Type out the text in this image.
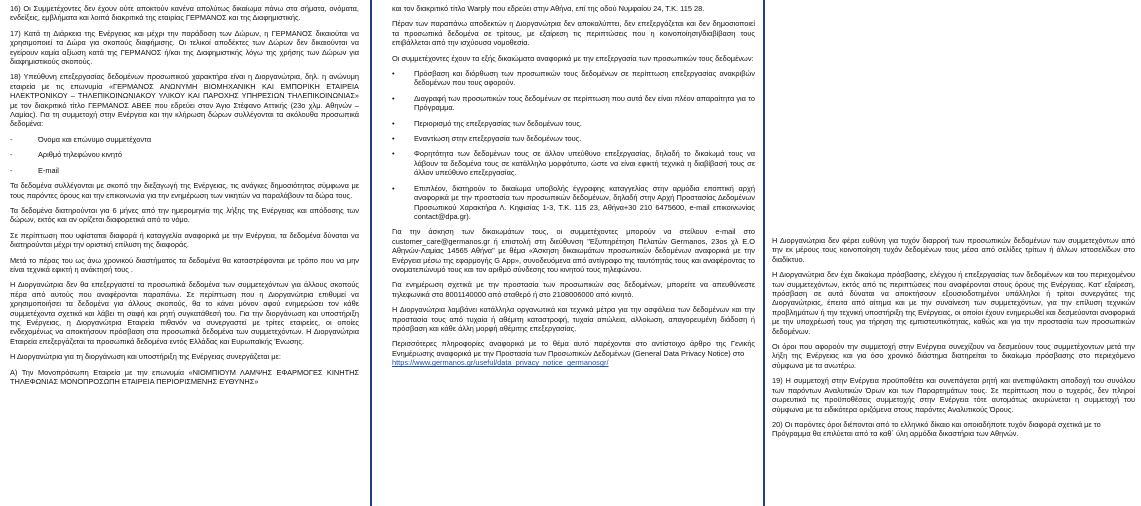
16) Οι Συμμετέχοντες δεν έχουν ούτε αποκτούν κανένα απολύτως δικαίωμα πάνω στα σήματα, ονόματα, ενδείξεις, εμβλήματα και λοιπά διακριτικά της εταιρίας ΓΕΡΜΑΝΟΣ και της Διαφημιστικής.

17) Κατά τη Διάρκεια της Ενέργειας και μέχρι την παράδοση των Δώρων, η ΓΕΡΜΑΝΟΣ δικαιούται να χρησιμοποιεί τα Δώρα για σκοπούς διαφήμισης. Οι τελικοί αποδέκτες των Δώρων δεν δικαιούνται να εγείρουν καμία αξίωση κατά της ΓΕΡΜΑΝΟΣ ή/και της Διαφημιστικής λόγω της χρήσης των Δώρων για διαφημιστικούς σκοπούς.

18) Υπεύθυνη επεξεργασίας δεδομένων προσωπικού χαρακτήρα είναι η Διοργανώτρια, δηλ. η ανώνυμη εταιρεία με τις επωνυμία «ΓΕΡΜΑΝΟΣ ΑΝΩΝΥΜΗ ΒΙΟΜΗΧΑΝΙΚΗ ΚΑΙ ΕΜΠΟΡΙΚΗ ΕΤΑΙΡΕΙΑ ΗΛΕΚΤΡΟΝΙΚΟΥ – ΤΗΛΕΠΙΚΟΙΝΩΝΙΑΚΟΥ ΥΛΙΚΟΥ ΚΑΙ ΠΑΡΟΧΗΣ ΥΠΗΡΕΣΙΩΝ ΤΗΛΕΠΙΚΟΙΝΩΝΙΑΣ» με τον διακριτικό τίτλο ΓΕΡΜΑΝΟΣ ΑΒΕΕ που εδρεύει στον Άγιο Στέφανο Αττικής (23ο χλμ. Αθηνών – Λαμίας). Για τη συμμετοχή στην Ενέργεια και την κλήρωση δώρων συλλέγονται τα ακόλουθα προσωπικά δεδομένα:

-	Όνομα και επώνυμο συμμετέχοντα
-	Αριθμό τηλεφώνου κινητό
-	E-mail

Τα δεδομένα συλλέγονται με σκοπό την διεξαγωγή της Ενέργειας, τις ανάγκες δημοσιότητας σύμφωνα με τους παρόντες όρους και την επικοινωνία για την ενημέρωση των νικητών να παραλάβουν τα δώρα τους.

Τα δεδομένα διατηρούνται για 6 μήνες από την ημερομηνία της λήξης της Ενέργειας και απόδοσης των δώρων, εκτός και αν ορίζεται διαφορετικά από το νόμο.

Σε περίπτωση που υφίσταται διαφορά ή καταγγελία αναφορικά με την Ενέργεια, τα δεδομένα δύναται να διατηρούνται μέχρι την οριστική επίλυση της διαφοράς.

Μετά το πέρας του ως άνω χρονικού διαστήματος τα δεδομένα θα καταστρέφονται με τρόπο που να μην είναι τεχνικά εφικτή η ανάκτησή τους .

Η Διοργανώτρια δεν θα επεξεργαστεί τα προσωπικά δεδομένα των συμμετεχόντων για άλλους σκοπούς πέρα από αυτούς που αναφέρονται παραπάνω. Σε περίπτωση που η Διοργανώτρια επιθυμεί να χρησιμοποιήσει τα δεδομένα για άλλους σκοπούς, θα το κάνει μόνον αφού ενημερώσει τον κάθε συμμετέχοντα σχετικά και λάβει τη σαφή και ρητή συγκατάθεσή του. Για την διοργάνωση και υποστήριξη της Ενέργειας, η Διοργανώτρια Εταιρεία πιθανόν να συνεργαστεί με τρίτες εταιρείες, οι οποίες ενδεχομένως να αποκτήσουν πρόσβαση στα προσωπικά δεδομένα των συμμετεχόντων. Η Διοργανώτρια Εταιρεία επεξεργάζεται τα προσωπικά δεδομένα εντός Ελλάδας και Ευρωπαϊκής Ένωσης.

Η Διοργανώτρια για τη διοργάνωση και υποστήριξη της Ενέργειας συνεργάζεται με:

Α) Την Μονοπρόσωπη Εταιρεία με την επωνυμία «ΝΙΟΜΠΙΟΥΜ ΛΑΜΨΗΣ ΕΦΑΡΜΟΓΕΣ ΚΙΝΗΤΗΣ ΤΗΛΕΦΩΝΙΑΣ ΜΟΝΟΠΡΟΣΩΠΗ ΕΤΑΙΡΕΙΑ ΠΕΡΙΟΡΙΣΜΕΝΗΣ ΕΥΘΥΝΗΣ»

και τον διακριτικό τίτλο Warply που εδρεύει στην Αθήνα, επί της οδού Νυμφαίου 24, Τ.Κ. 115 28.

Πέραν των παραπάνω αποδεκτών η Διοργανώτρια δεν αποκαλύπτει, δεν επεξεργάζεται και δεν δημοσιοποιεί τα προσωπικά δεδομένα σε τρίτους, με εξαίρεση τις περιπτώσεις που η κοινοποίηση/διαβίβαση τους επιβάλλεται από την ισχύουσα νομοθεσία.

Οι συμμετέχοντες έχουν τα εξής δικαιώματα αναφορικά με την επεξεργασία των προσωπικών τους δεδομένων:

•	Πρόσβαση και διόρθωση των προσωπικών τους δεδομένων σε περίπτωση επεξεργασίας ανακριβών δεδομένων που τους αφορούν.
•	Διαγραφή των προσωπικών τους δεδομένων σε περίπτωση που αυτά δεν είναι πλέον απαραίτητα για το Πρόγραμμα.
•	Περιορισμό της επεξεργασίας των δεδομένων τους.
•	Εναντίωση στην επεξεργασία των δεδομένων τους.
•	Φορητότητα των δεδομένων τους σε άλλον υπεύθυνο επεξεργασίας, δηλαδή το δικαίωμά τους να λάβουν τα δεδομένα τους σε κατάλληλο μορφότυπο, ώστε να είναι εφικτή τεχνικά η διαβίβασή τους σε άλλον υπεύθυνο επεξεργασίας.
•	Επιπλέον, διατηρούν το δικαίωμα υποβολής έγγραφης καταγγελίας στην αρμόδια εποπτική αρχή αναφορικά με την προστασία των προσωπικών δεδομένων, δηλαδή στην Αρχή Προστασίας Δεδομένων Προσωπικού Χαρακτήρα Λ. Κηφισίας 1-3, Τ.Κ. 115 23, Αθήνα+30 210 6475600, e-mail επικοινωνίας contact@dpa.gr).

Για την άσκηση των δικαιωμάτων τους, οι συμμετέχοντες μπορούν να στείλουν e-mail στο customer_care@germanos.gr ή επιστολή στη διεύθυνση "Εξυπηρέτηση Πελατών Germanos, 23οs χλ Ε.Ο Αθηνών-Λαμίας 14565 Αθήνα" με θέμα «Άσκηση δικαιωμάτων προσωπικών δεδομένων αναφορικά με την Ενέργεια μέσω της εφαρμογής G App», συνοδευόμενα από αντίγραφο της ταυτότητάς τους και αναφέροντας το ονοματεπώνυμό τους και τον αριθμό σύνδεσης του κινητού τους τηλεφώνου.

Για ενημέρωση σχετικά με την προστασία των προσωπικών σας δεδομένων, μπορείτε να απευθύνεστε τηλεφωνικά στο 8001140000 από σταθερό ή στο 2108006000 από κινητό.

Η Διοργανώτρια λαμβάνει κατάλληλα οργανωτικά και τεχνικά μέτρα για την ασφάλεια των δεδομένων και την προστασία τους από τυχαία ή αθέμιτη καταστροφή, τυχαία απώλεια, αλλοίωση, απαγορευμένη διάδοση ή πρόσβαση και κάθε άλλη μορφή αθέμιτης επεξεργασίας.

Περισσότερες πληροφορίες αναφορικά με το θέμα αυτό παρέχονται στο αντίστοιχο άρθρο της Γενικής Ενημέρωσης αναφορικά με την Προστασία των Προσωπικών Δεδομένων (General Data Privacy Notice) στο
https://www.germanos.gr/useful/data_privacy_notice_germanosgr/

Η Διοργανώτρια δεν φέρει ευθύνη για τυχόν διαρροή των προσωπικών δεδομένων των συμμετεχόντων από την εκ μέρους τους κοινοποίηση τυχόν δεδομένων τους μέσα από σελίδες τρίτων ή άλλων ιστοσελίδων στο διαδίκτυο.

Η Διοργανώτρια δεν έχει δικαίωμα πρόσβασης, ελέγχου ή επεξεργασίας των δεδομένων και του περιεχομένου των συμμετεχόντων, εκτός από τις περιπτώσεις που αναφέρονται στους όρους της Ενέργειας. Κατ' εξαίρεση, πρόσβαση σε αυτά δύναται να αποκτήσουν εξουσιοδοτημένοι υπάλληλοι ή τρίτοι συνεργάτες της Διοργανώτριας, έπειτα από αίτημα και με την συναίνεση των συμμετεχόντων, για την επίλυση τεχνικών προβλημάτων ή την τεχνική υποστήριξη της Ενέργειας, οι οποίοι έχουν ενημερωθεί και δεσμεύονται αναφορικά με την υποχρέωσή τους για τήρηση της εμπιστευτικότητας, καθώς και για την προστασία των προσωπικών δεδομένων.

Οι όροι που αφορούν την συμμετοχή στην Ενέργεια συνεχίζουν να δεσμεύουν τους συμμετέχοντων μετά την λήξη της Ενέργειας και για όσο χρονικό διάστημα διατηρείται το δικαίωμα πρόσβασης στο περιεχόμενο σύμφωνα με τα ανωτέρω.

19) Η συμμετοχή στην Ενέργεια προϋποθέτει και συνεπάγεται ρητή και ανεπιφύλακτη αποδοχή του συνόλου των παρόντων Αναλυτικών Όρων και των Παραρτημάτων τους. Σε περίπτωση που ο τυχερός, δεν πληροί σωρευτικά τις προϋποθέσεις συμμετοχής στην Ενέργεια τότε αυτομάτως ακυρώνεται η συμμετοχή του σύμφωνα με τα ειδικότερα οριζόμενα στους παρόντες Αναλυτικούς Όρους.

20) Οι παρόντες όροι διέπονται από το ελληνικό δίκαιο και οποιαδήποτε τυχόν διαφορά σχετικά με το Πρόγραμμα θα επιλύεται από τα καθ΄ ύλη αρμόδια δικαστήρια των Αθηνών.
